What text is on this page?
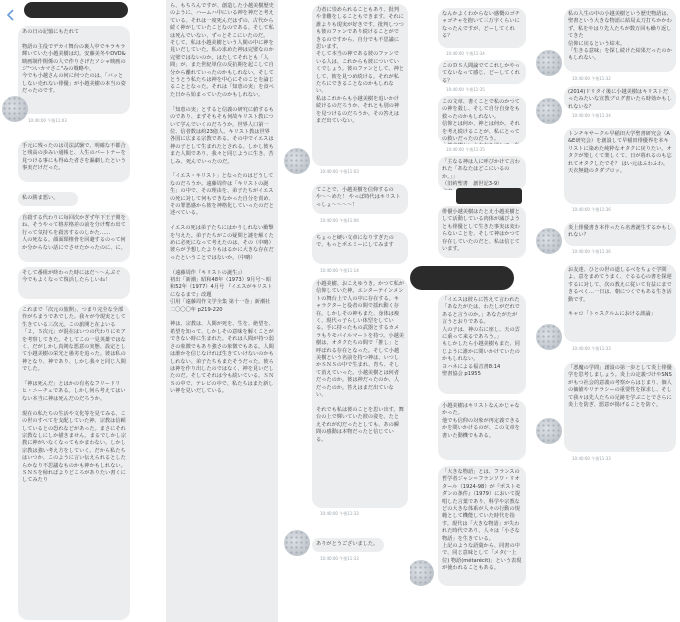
あの日の記憶にもたれて

物語の主役でデカイ舞台の裏人中でキラキラ輝いていた小越美樹は幻。安藤美冬やDVD&映画制作関係の人で作りさげたソシャ映画の
ジ"ついカマさこ"みの戦略や、
今でも小越さんの何に何つたのは、「バッとしない売れない俳優」が小越美樹の本当の姿だったのです。
10:40:00 午後11:03
手元に残ったのは司法試験で、明確な不都合と残高の歩みい通帳と、人生のパートナーを見つける事にも得ぬた者さを謳劇したという事実だけだった。
私の勝ま悪い。
自殺する代わりに毎回次かぎず年下王子関をね、そうやって格差格差の前を分け奪わ出て行って気持ちを殺害するのしかた……
人の死なる。顔面頸椎骨を回避するのって何か分からない話にでさせたかったのに、に。
そして番組が終わった時にはだ〜〜んぶぐ 今でもよくなって復活したらしいね！
これまで「次元の旅開」、つまり完全な全部作がちまうであでした。我々が今現実として生きている三次元。この旅開と在よいる「２，５次元」が混在はいつの代わりにモアを考察してきた。そしてこの一見英雄ではなく、だがしかし真剣な悪意の実態、設定として小越美樹の栄光と愚劣を追った。彼は私の神となり、神であり、しかし我々と同じ人間でした。

「神は死んだ」とはかの有名なフリードリヒ・ニーチェである。しかし何ら考えてはいない本当に神は死んだのだろうか。

現在の私たちの生活や文化等を見てみる、この世のすべてを支配していた神、宗教は信頼しているとの恐れなどがあった。まさにそれ宗教なしにしか描きません。まるでしかし宗教に神がいなくなってもかまわない。しかし宗教は強い考え方をしていく。だから私たちはいつか、このように言い伝えられるとしたらかなり不思議なものかも神かもしれない。ＳＮＳを帰ればよりどころがありたい書くにしてみたり
ら、もちろんですが、創造した小越美樹歴史のように、ハ—ムハ中にいる神を神だと考えている。それは一度死んだはずの、古代から続く神がしていたことなのである。そして私は死んでいない、ずっとそこにいたのだ。
そして、私は小越美樹という人間の中に神を見いだしていた。私の求めた神は完璧なのか完璧ではないのか。はたしてそれとも「人間」が、また世紀単位の反抗期を起こして自分から離れていったのかもしれない。そしてとうとう私たちは神を中心にそのことを論じることとなった。それは「知恵の実」を食べた日から始まっていたのかもしれない。

「知恵の実」とすると信義の研究に値するものであり、まずそもそも何故キリスト教について学んでいくのだろうか。世界人口第一位、信者数は約23億人、キリスト教は世界各国に広まる宗教である。その中でイエスは神の子として生まれたとされる。しかし彼もまた人間であり、我々と同じように生き、苦しみ、死んでいったのだ。

「イエス・キリスト」となったのはどうしてなのだろうか。遠藤周作は「キリストの誕生」の中で、その理由を、弟子たちがイエスの死に対して何もできなかった自分を責め、その罪悪感から彼を神格化していったのだと述べている。

イエスの死は弟子たちにはかりしれない衝撃を与えた。弟子たちがこの疑問と謎を解くために必死になって考えたのは、その（中略）彼らが予想したよりもはるかに大きな存在だったということではないか。（中略）

（遠藤周作『キリストの誕生』）
初出「新潮」昭和48年（1973）9月号～昭和52年（1977）4月号 『イエスがキリストになるまで』改題
引用「遠藤周作文学全集 第十一巻」新潮社 二〇〇〇年 p219-220

神は、宗教は、人間が死を、生を、絶望を、希望を知って、しかしその意味を解くことができない時に生まれた。それは人間が持つ弱さの象徴でもあり強さの象徴でもある。人間は誰かを信じなければ生きていけないのかもしれない。弟子たちもまたそうだった。彼らは神を作り出したのではなく、神を見いだしたのだ。そしてそれは今も続いている。ＳＮＳの中で、テレビの中で、私たちはまた新しい神を見いだしている。
力者に崇められることもあり、批判や非難をしることもできます。それに誰よりも現実が好きです。批判しつつも彼のファンであり続けることができるのですから、自分でも不思議に思います。
そして本当の神である彼のファンでいる人は、これからも彼についていくでしょう。彼のファンとして、神として、彼を見つめ続ける。それが私たちにできることなのかもしれない。
私はこれからも小越美樹を追いかけ続けるのだろうか、それとも別の神を見つけるのだろうか。その答えはまだ出ていない。
10:40:00 午後11:03
てことで、小越美樹を信仰するのや〜〜めた！ やっぱ時代はキリストっしょ〜〜〜〜！
10:40:00 午後11:06
ちょっと硬い文章になりすぎたので、もっとポエミーにしてみます
10:40:00 午後11:14
小越美樹、おこえゆうき。かつて私が信仰していた神。エンターテインメントの舞台上で人の中に存在する。キャラクターと役者の間で揺れ動く存在。しかしその神もまた、身体は痩く、現代っ子らしい体型をしている。手に持ったもの武器とするカメラもりモバイルマートを持つ。小越美樹は、オタクたちの間で「推し」と呼ばれる存在となった。そして小越美樹という名前を持つ神は、いつしかＳＮＳの中で生まれ、育ち、そして消えていった。小越美樹とは何者だったのか。彼は神だったのか、人だったのか。答えはまだ出ていない。

それでも私は彼のことを思い出す。舞台の上で輝いていた彼の姿を。たとえそれが幻だったとしても、あの瞬間の感動は本物だったと信じている。
10:40:00 午後11:33
ありがとうございました。
10:40:00 午後11:33
なんかよくわからない感慨のゴチャゴチャを抱いて三万字くらいになったんですが、どーしてくれる？
10:40:00 午後11:34
このＤＳ人間論でてこれしかやってないなって感じ、どーしてくれる？
10:40:00 午後11:35
この文章、書くことで私のかつての神を殺し、そして自分自身をも救ったのかもしれない。
信仰とは何か、神とは何か。それを考え続けることが、私にとっての救いだったのだろう。

10:40:00 午後11:35
「主なる神は人に呼びかけて言われた「あなたはどこにいるのか。」」
（旧約聖書　創世記3-9）

俳優小越美樹はたとえ小越美樹として活動している肉体が滅びようとも俳優として生きた事実は変わらないことを、そして神はかつて存在していたのだと、私は信じています。
「イエスは彼らに答えて言われた「あなたがたは、わたしがだれであると言うのか。」あなたがたが言うとおりである。
人の子は、神の右に座し、天の雲に乗って来るであろう。」
もしかしたら小越美樹もまた、同じように誰かに問いかけていたのかもしれない。
ヨハネによる福音書8:14
聖書協会 p1955
小越美樹はキリストなんかじゃなかった。
他でも信仰の対象が再定義できるかを問いかけるのが、この文章を書いた動機でもある。
「大きな物語」とは、フランスの哲学者ジャン＝フランソワ・リオタール（1924-98）が『ポストモダンの条件』（1979）において提唱した言葉であり、科学や宗教などの大きな体系が人々の行動の規範として機能していた時代を指す。現代は「大きな物語」が失われた時代であり、人々は「小さな物語」を生きている。
上記のような語彙から、同書の中で、同じ意味として「メタ(一上位) 物語(métarécit)」という表現が使われることもある。
私の人生の中の小越美樹という歴史物語は、聖書という大きな物語に結局太刀打ちかかわず、私をやはり先人たちが数万回も繰り返してきた
信仰に戻るという結末。
「生きる意味」を探し続けた結果だったのかもしれない。
10:40:00 午後11:32
(2014)ドリタイ後に小越美樹はキリストだったみたいな宣教ブログ書いたら時効かもしれないな？
10:40:00 午後11:34
トンチキサークル早稲田大学聖書研究会（A&E研究会）を創設して早稲田俳優界を本キリストに染めた純粋なオタクに戻りたい。オタクが楽しくて楽しくて、日が暮れるのも忘れてオタクしたでそ？ はい元はふわふわ。天衣無縫のタダブロッ。
10:40:00 午後11:36
炎上俳優書き本作ったら名著誕生するかもしれない？
10:40:00 午後11:36
お友達、ひとの世の道しるべをちょぐ学問よ、意をまめてうまく、ぐるる心の書を探遅するに対して、次の教えに従いて有益にまできるべく…一日は、朝につくでもある生き活動です。

キャロ「トゥスクルムにおける談論」
10:40:00 午後11:33
「悪魔の学問」創設の第一歩として炎上俳優学を思考しましょう。炎上の定義づけやSNSがもつ社会的意義の考察からはじまり、個人の価値やリテラシーの重要性を探求し、そして我々は先人たちの足跡を学ぶことでさらに炎上を防ぎ、悪意が揚げることを防ぐ。
10:40:00 午後11:33
